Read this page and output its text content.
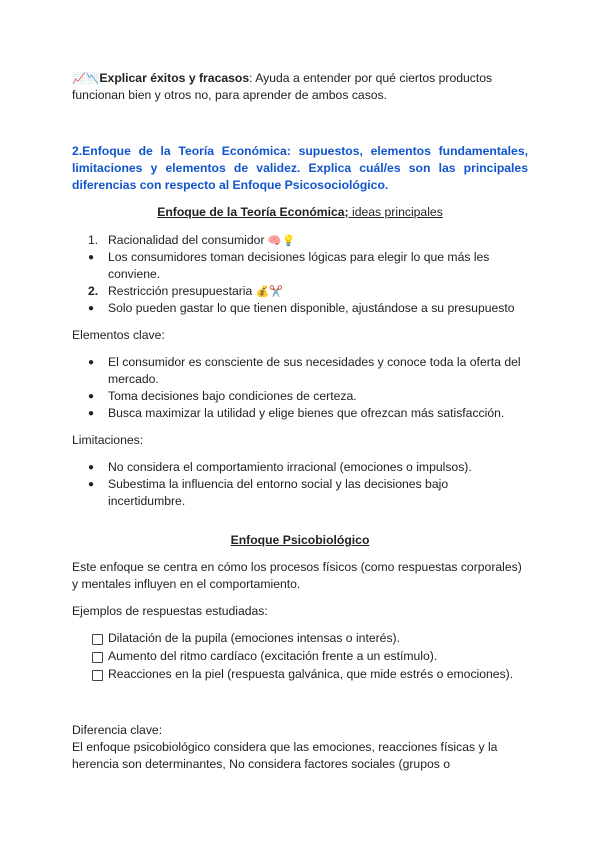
📈📉Explicar éxitos y fracasos: Ayuda a entender por qué ciertos productos
funcionan bien y otros no, para aprender de ambos casos.
2.Enfoque de la Teoría Económica: supuestos, elementos fundamentales,
limitaciones y elementos de validez. Explica cuál/es son las principales
diferencias con respecto al Enfoque Psicosociológico.
Enfoque de la Teoría Económica; ideas principales
1. Racionalidad del consumidor 🧠💡
●	Los consumidores toman decisiones lógicas para elegir lo que más les
conviene.
2. Restricción presupuestaria 💰✂️
●	Solo pueden gastar lo que tienen disponible, ajustándose a su presupuesto
Elementos clave:
●	El consumidor es consciente de sus necesidades y conoce toda la oferta del
mercado.
●	Toma decisiones bajo condiciones de certeza.
●	Busca maximizar la utilidad y elige bienes que ofrezcan más satisfacción.
Limitaciones:
●	No considera el comportamiento irracional (emociones o impulsos).
●	Subestima la influencia del entorno social y las decisiones bajo incertidumbre.
Enfoque Psicobiológico
Este enfoque se centra en cómo los procesos físicos (como respuestas corporales)
y mentales influyen en el comportamiento.
Ejemplos de respuestas estudiadas:
Dilatación de la pupila (emociones intensas o interés).
Aumento del ritmo cardíaco (excitación frente a un estímulo).
Reacciones en la piel (respuesta galvánica, que mide estrés o emociones).
Diferencia clave:
El enfoque psicobiológico considera que las emociones, reacciones físicas y la
herencia son determinantes, No considera factores sociales (grupos o
